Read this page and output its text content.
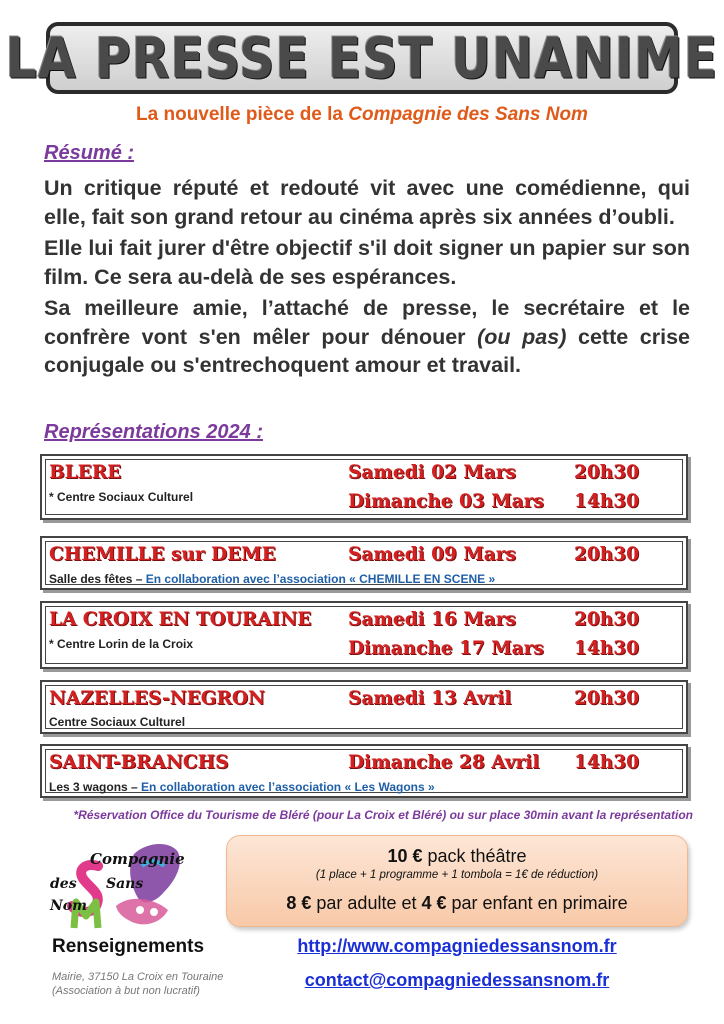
LA PRESSE EST UNANIME
La nouvelle pièce de la Compagnie des Sans Nom
Résumé :

Un critique réputé et redouté vit avec une comédienne, qui elle, fait son grand retour au cinéma après six années d’oubli.

Elle lui fait jurer d'être objectif s'il doit signer un papier sur son film. Ce sera au-delà de ses espérances.

Sa meilleure amie, l’attaché de presse, le secrétaire et le confrère vont s'en mêler pour dénouer (ou pas) cette crise conjugale ou s'entrechoquent amour et travail.

Représentations 2024 :
BLERE
* Centre Sociaux Culturel
Samedi 02 Mars	20h30
Dimanche 03 Mars 14h30
CHEMILLE sur DEME	Samedi 09 Mars	20h30
Salle des fêtes – En collaboration avec l’association « CHEMILLE EN SCENE »
LA CROIX EN TOURAINE
* Centre Lorin de la Croix
Samedi 16 Mars	20h30
Dimanche 17 Mars 14h30
NAZELLES-NEGRON	Samedi 13 Avril	20h30
Centre Sociaux Culturel
SAINT-BRANCHS	Dimanche 28 Avril 14h30
Les 3 wagons – En collaboration avec l’association « Les Wagons »
*Réservation Office du Tourisme de Bléré (pour La Croix et Bléré) ou sur place 30min avant la représentation
Compagnie
des Sans
Nom
Renseignements
Mairie, 37150 La Croix en Touraine
(Association à but non lucratif)
10 € pack théâtre
(1 place + 1 programme + 1 tombola = 1€ de réduction)
8 € par adulte et 4 € par enfant en primaire
http://www.compagniedessansnom.fr
contact@compagniedessansnom.fr
